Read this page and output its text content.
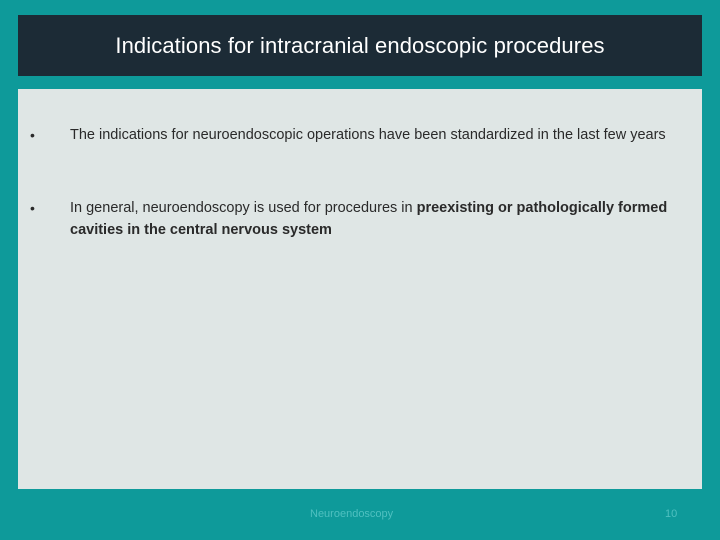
Indications for intracranial endoscopic procedures
• The indications for neuroendoscopic operations have been standardized in the last few years
• In general, neuroendoscopy is used for procedures in preexisting or pathologically formed cavities in the central nervous system
Neuroendoscopy	10
